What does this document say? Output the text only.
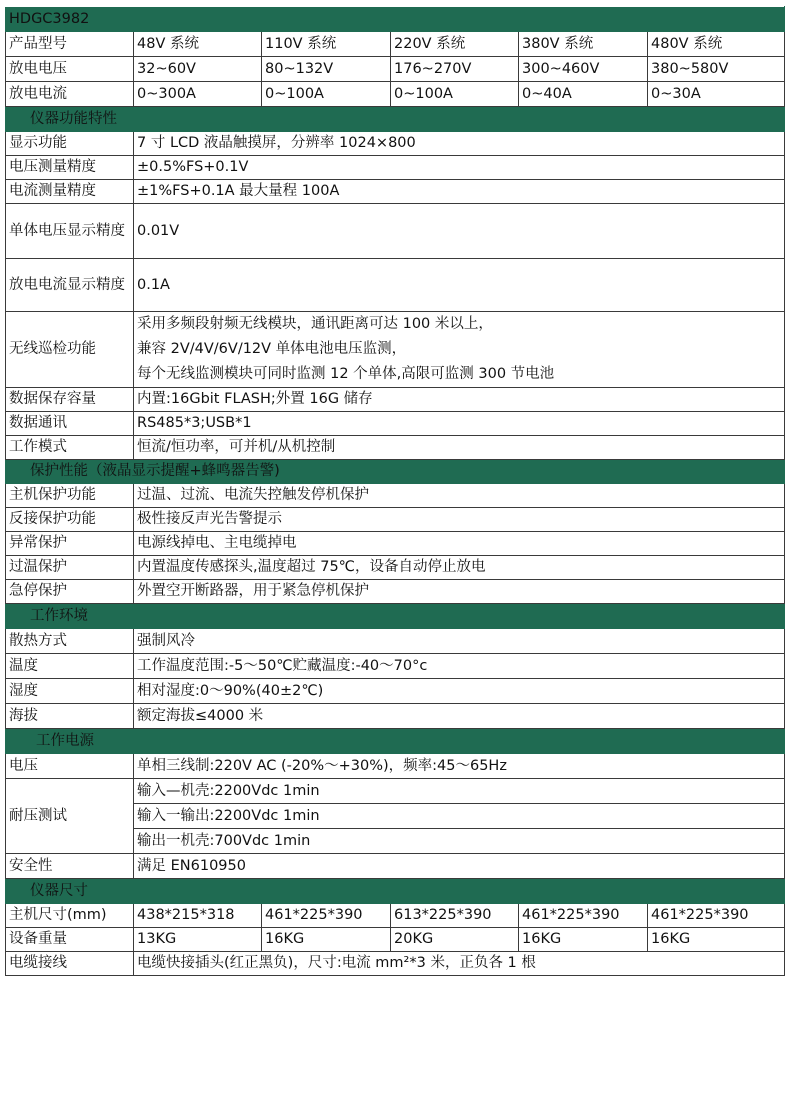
HDGC3982					
产品型号	48V 系统	110V 系统	220V 系统	380V 系统	480V 系统
放电电压	32~60V	80~132V	176~270V	300~460V	380~580V
放电电流	0~300A	0~100A	0~100A	0~40A	0~30A
仪器功能特性					
显示功能	7 寸 LCD 液晶触摸屏，分辨率 1024×800				
电压测量精度	±0.5%FS+0.1V				
电流测量精度	±1%FS+0.1A 最大量程 100A				
单体电压显示精度	0.01V				
放电电流显示精度	0.1A				
无线巡检功能	采用多频段射频无线模块，通讯距离可达 100 米以上，
兼容 2V/4V/6V/12V 单体电池电压监测，
每个无线监测模块可同时监测 12 个单体,高限可监测 300 节电池				

数据保存容量	内置:16Gbit FLASH;外置 16G 储存				
数据通讯	RS485*3;USB*1				
工作模式	恒流/恒功率，可并机/从机控制				
保护性能（液晶显示提醒+蜂鸣器告警)					
主机保护功能	过温、过流、电流失控触发停机保护				
反接保护功能	极性接反声光告警提示				
异常保护	电源线掉电、主电缆掉电				
过温保护	内置温度传感探头,温度超过 75℃，设备自动停止放电				
急停保护	外置空开断路器，用于紧急停机保护				
工作环境					
散热方式	强制风冷				
温度	工作温度范围:-5～50℃贮藏温度:-40～70°c				
湿度	相对湿度:0～90%(40±2℃)				
海拔	额定海拔≤4000 米				
工作电源					
电压	单相三线制:220V AC (-20%～+30%)，频率:45～65Hz				
耐压测试	输入—机壳:2200Vdc 1min				
	输入一输出:2200Vdc 1min				
	输出一机壳:700Vdc 1min				
安全性	满足 EN610950				
仪器尺寸					
主机尺寸(mm)	438*215*318	461*225*390	613*225*390	461*225*390	461*225*390
设备重量	13KG	16KG	20KG	16KG	16KG
电缆接线	电缆快接插头(红正黑负)，尺寸:电流 mm²*3 米，正负各 1 根				
